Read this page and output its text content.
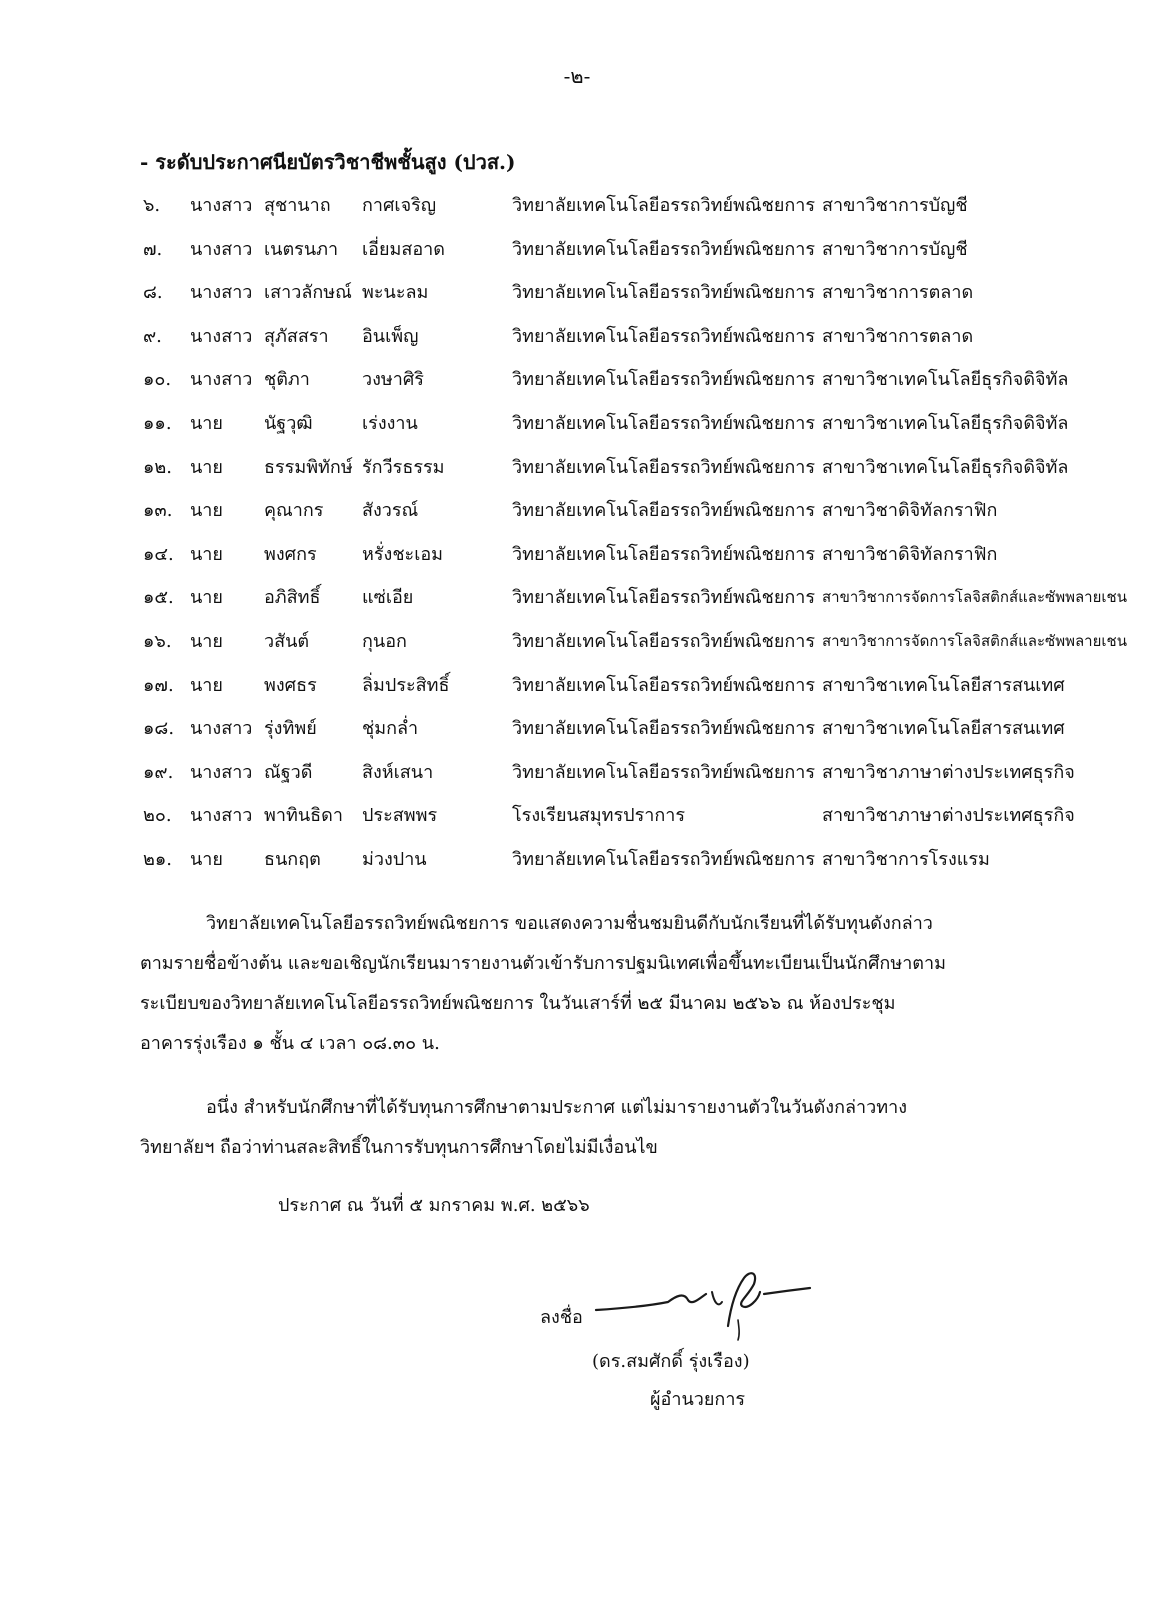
-๒-
- ระดับประกาศนียบัตรวิชาชีพชั้นสูง (ปวส.)
๖. นางสาว สุชานาถ กาศเจริญ	วิทยาลัยเทคโนโลยีอรรถวิทย์พณิชยการ สาขาวิชาการบัญชี
๗. นางสาว เนตรนภา เอี่ยมสอาด	วิทยาลัยเทคโนโลยีอรรถวิทย์พณิชยการ สาขาวิชาการบัญชี
๘. นางสาว เสาวลักษณ์ พะนะลม	วิทยาลัยเทคโนโลยีอรรถวิทย์พณิชยการ สาขาวิชาการตลาด
๙. นางสาว สุภัสสรา อินเพ็ญ	วิทยาลัยเทคโนโลยีอรรถวิทย์พณิชยการ สาขาวิชาการตลาด
๑๐. นางสาว ชุติภา	วงษาศิริ	วิทยาลัยเทคโนโลยีอรรถวิทย์พณิชยการ สาขาวิชาเทคโนโลยีธุรกิจดิจิทัล
๑๑. นาย นัฐวุฒิ	เร่งงาน	วิทยาลัยเทคโนโลยีอรรถวิทย์พณิชยการ สาขาวิชาเทคโนโลยีธุรกิจดิจิทัล
๑๒. นาย ธรรมพิทักษ์ รักวีรธรรม	วิทยาลัยเทคโนโลยีอรรถวิทย์พณิชยการ สาขาวิชาเทคโนโลยีธุรกิจดิจิทัล
๑๓. นาย คุณากร สังวรณ์	วิทยาลัยเทคโนโลยีอรรถวิทย์พณิชยการ สาขาวิชาดิจิทัลกราฟิก
๑๔. นาย พงศกร	หรั่งชะเอม	วิทยาลัยเทคโนโลยีอรรถวิทย์พณิชยการ สาขาวิชาดิจิทัลกราฟิก
๑๕. นาย อภิสิทธิ์ แซ่เอีย	วิทยาลัยเทคโนโลยีอรรถวิทย์พณิชยการ สาขาวิชาการจัดการโลจิสติกส์และซัพพลายเชน
๑๖. นาย วสันต์	กุนอก	วิทยาลัยเทคโนโลยีอรรถวิทย์พณิชยการ สาขาวิชาการจัดการโลจิสติกส์และซัพพลายเชน
๑๗. นาย พงศธร	ลิ่มประสิทธิ์	วิทยาลัยเทคโนโลยีอรรถวิทย์พณิชยการ สาขาวิชาเทคโนโลยีสารสนเทศ
๑๘. นางสาว รุ่งทิพย์	ชุ่มกล่ำ	วิทยาลัยเทคโนโลยีอรรถวิทย์พณิชยการ สาขาวิชาเทคโนโลยีสารสนเทศ
๑๙. นางสาว ณัฐวดี	สิงห์เสนา	วิทยาลัยเทคโนโลยีอรรถวิทย์พณิชยการ สาขาวิชาภาษาต่างประเทศธุรกิจ
๒๐. นางสาว พาทินธิดา ประสพพร	โรงเรียนสมุทรปราการ	สาขาวิชาภาษาต่างประเทศธุรกิจ
๒๑. นาย ธนกฤต ม่วงปาน	วิทยาลัยเทคโนโลยีอรรถวิทย์พณิชยการ สาขาวิชาการโรงแรม
วิทยาลัยเทคโนโลยีอรรถวิทย์พณิชยการ ขอแสดงความชื่นชมยินดีกับนักเรียนที่ได้รับทุนดังกล่าว
ตามรายชื่อข้างต้น และขอเชิญนักเรียนมารายงานตัวเข้ารับการปฐมนิเทศเพื่อขึ้นทะเบียนเป็นนักศึกษาตาม
ระเบียบของวิทยาลัยเทคโนโลยีอรรถวิทย์พณิชยการ ในวันเสาร์ที่ ๒๕ มีนาคม ๒๕๖๖ ณ ห้องประชุม
อาคารรุ่งเรือง ๑ ชั้น ๔ เวลา ๐๘.๓๐ น.
อนึ่ง สำหรับนักศึกษาที่ได้รับทุนการศึกษาตามประกาศ แต่ไม่มารายงานตัวในวันดังกล่าวทาง
วิทยาลัยฯ ถือว่าท่านสละสิทธิ์ในการรับทุนการศึกษาโดยไม่มีเงื่อนไข
ประกาศ ณ วันที่ ๕ มกราคม พ.ศ. ๒๕๖๖
ลงชื่อ
(ดร.สมศักดิ์ รุ่งเรือง)
ผู้อำนวยการ
